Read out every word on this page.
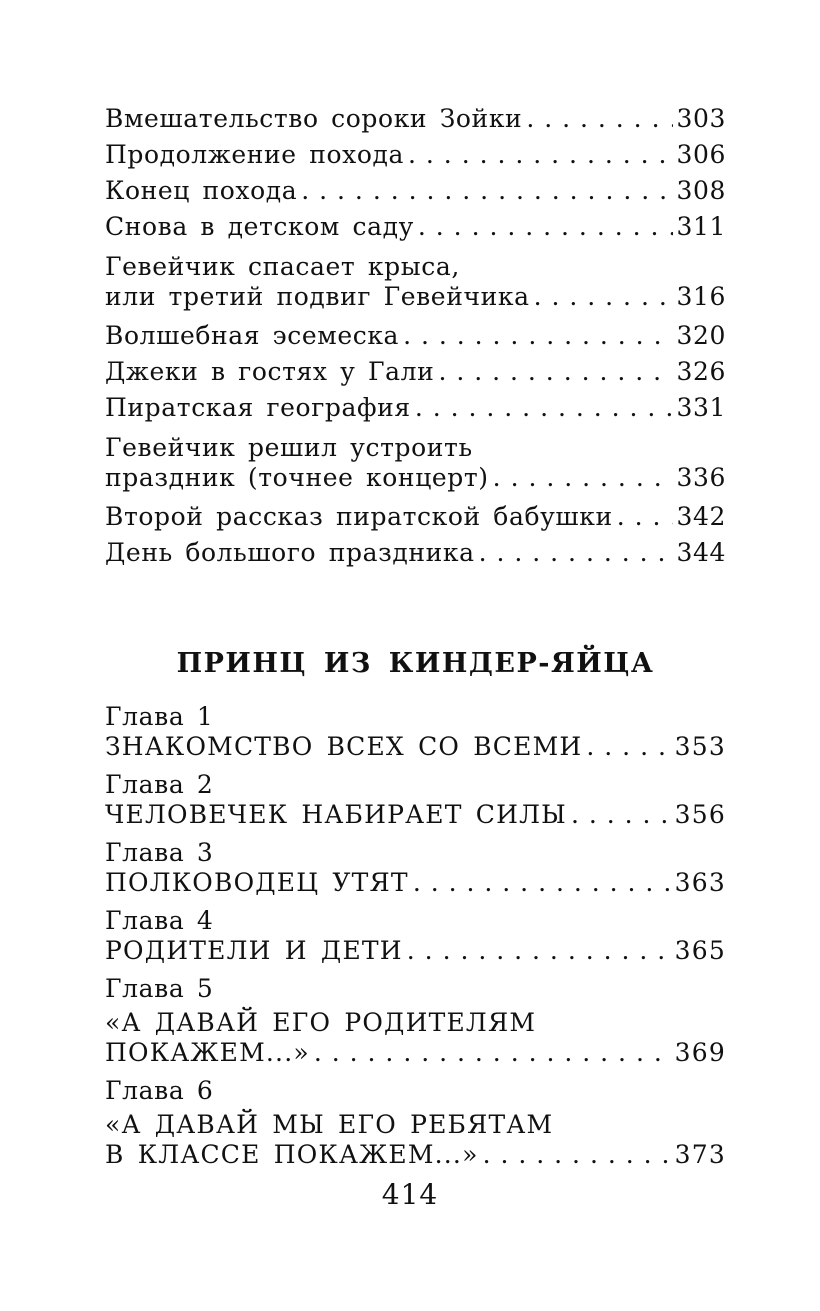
Вмешательство сороки Зойки . . .	303
Продолжение похода . . .	306
Конец похода . . .	308
Снова в детском саду . . .	311
Гевейчик спасает крыса,
или третий подвиг Гевейчика . . .	316
Волшебная эсемеска . . .	320
Джеки в гостях у Гали . . .	326
Пиратская география . . .	331
Гевейчик решил устроить
праздник (точнее концерт) . . .	336
Второй рассказ пиратской бабушки . . .	342
День большого праздника . . .	344
ПРИНЦ ИЗ КИНДЕР-ЯЙЦА
Глава 1
ЗНАКОМСТВО ВСЕХ СО ВСЕМИ . . .	353
Глава 2
ЧЕЛОВЕЧЕК НАБИРАЕТ СИЛЫ . . .	356
Глава 3
ПОЛКОВОДЕЦ УТЯТ . . .	363
Глава 4
РОДИТЕЛИ И ДЕТИ . . .	365
Глава 5
«А ДАВАЙ ЕГО РОДИТЕЛЯМ
ПОКАЖЕМ...» . . .	369
Глава 6
«А ДАВАЙ МЫ ЕГО РЕБЯТАМ
В КЛАССЕ ПОКАЖЕМ...» . . .	373
414
